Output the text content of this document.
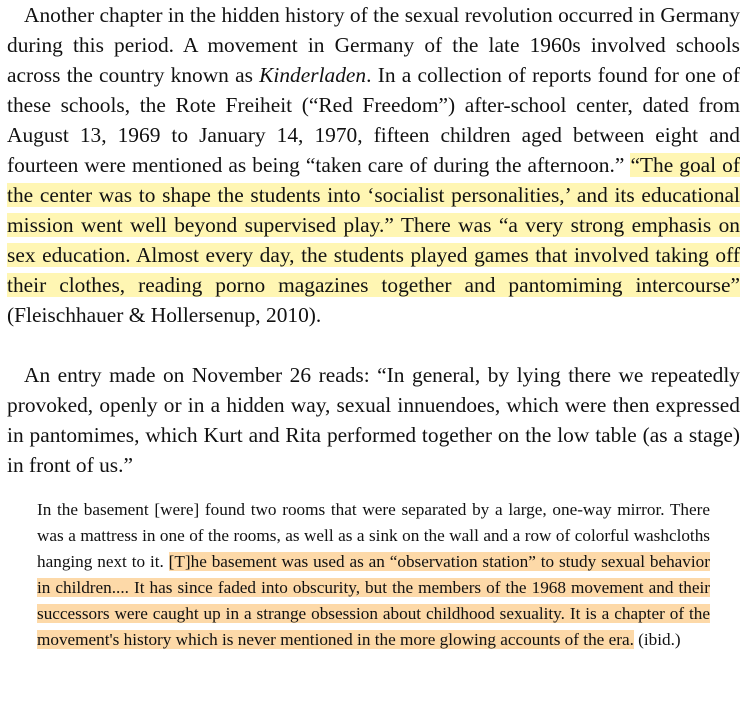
Another chapter in the hidden history of the sexual revolution occurred in Germany during this period. A movement in Germany of the late 1960s involved schools across the country known as Kinderladen. In a collection of reports found for one of these schools, the Rote Freiheit (“Red Freedom”) after-school center, dated from August 13, 1969 to January 14, 1970, fifteen children aged between eight and fourteen were mentioned as being “taken care of during the afternoon.” “The goal of the center was to shape the students into ‘socialist personalities,’ and its educational mission went well beyond supervised play.” There was “a very strong emphasis on sex education. Almost every day, the students played games that involved taking off their clothes, reading porno magazines together and pantomiming intercourse” (Fleischhauer & Hollersenup, 2010).

An entry made on November 26 reads: “In general, by lying there we repeatedly provoked, openly or in a hidden way, sexual innuendoes, which were then expressed in pantomimes, which Kurt and Rita performed together on the low table (as a stage) in front of us.”

In the basement [were] found two rooms that were separated by a large, one-way mirror. There was a mattress in one of the rooms, as well as a sink on the wall and a row of colorful washcloths hanging next to it. [T]he basement was used as an “observation station” to study sexual behavior in children.... It has since faded into obscurity, but the members of the 1968 movement and their successors were caught up in a strange obsession about childhood sexuality. It is a chapter of the movement's history which is never mentioned in the more glowing accounts of the era. (ibid.)
